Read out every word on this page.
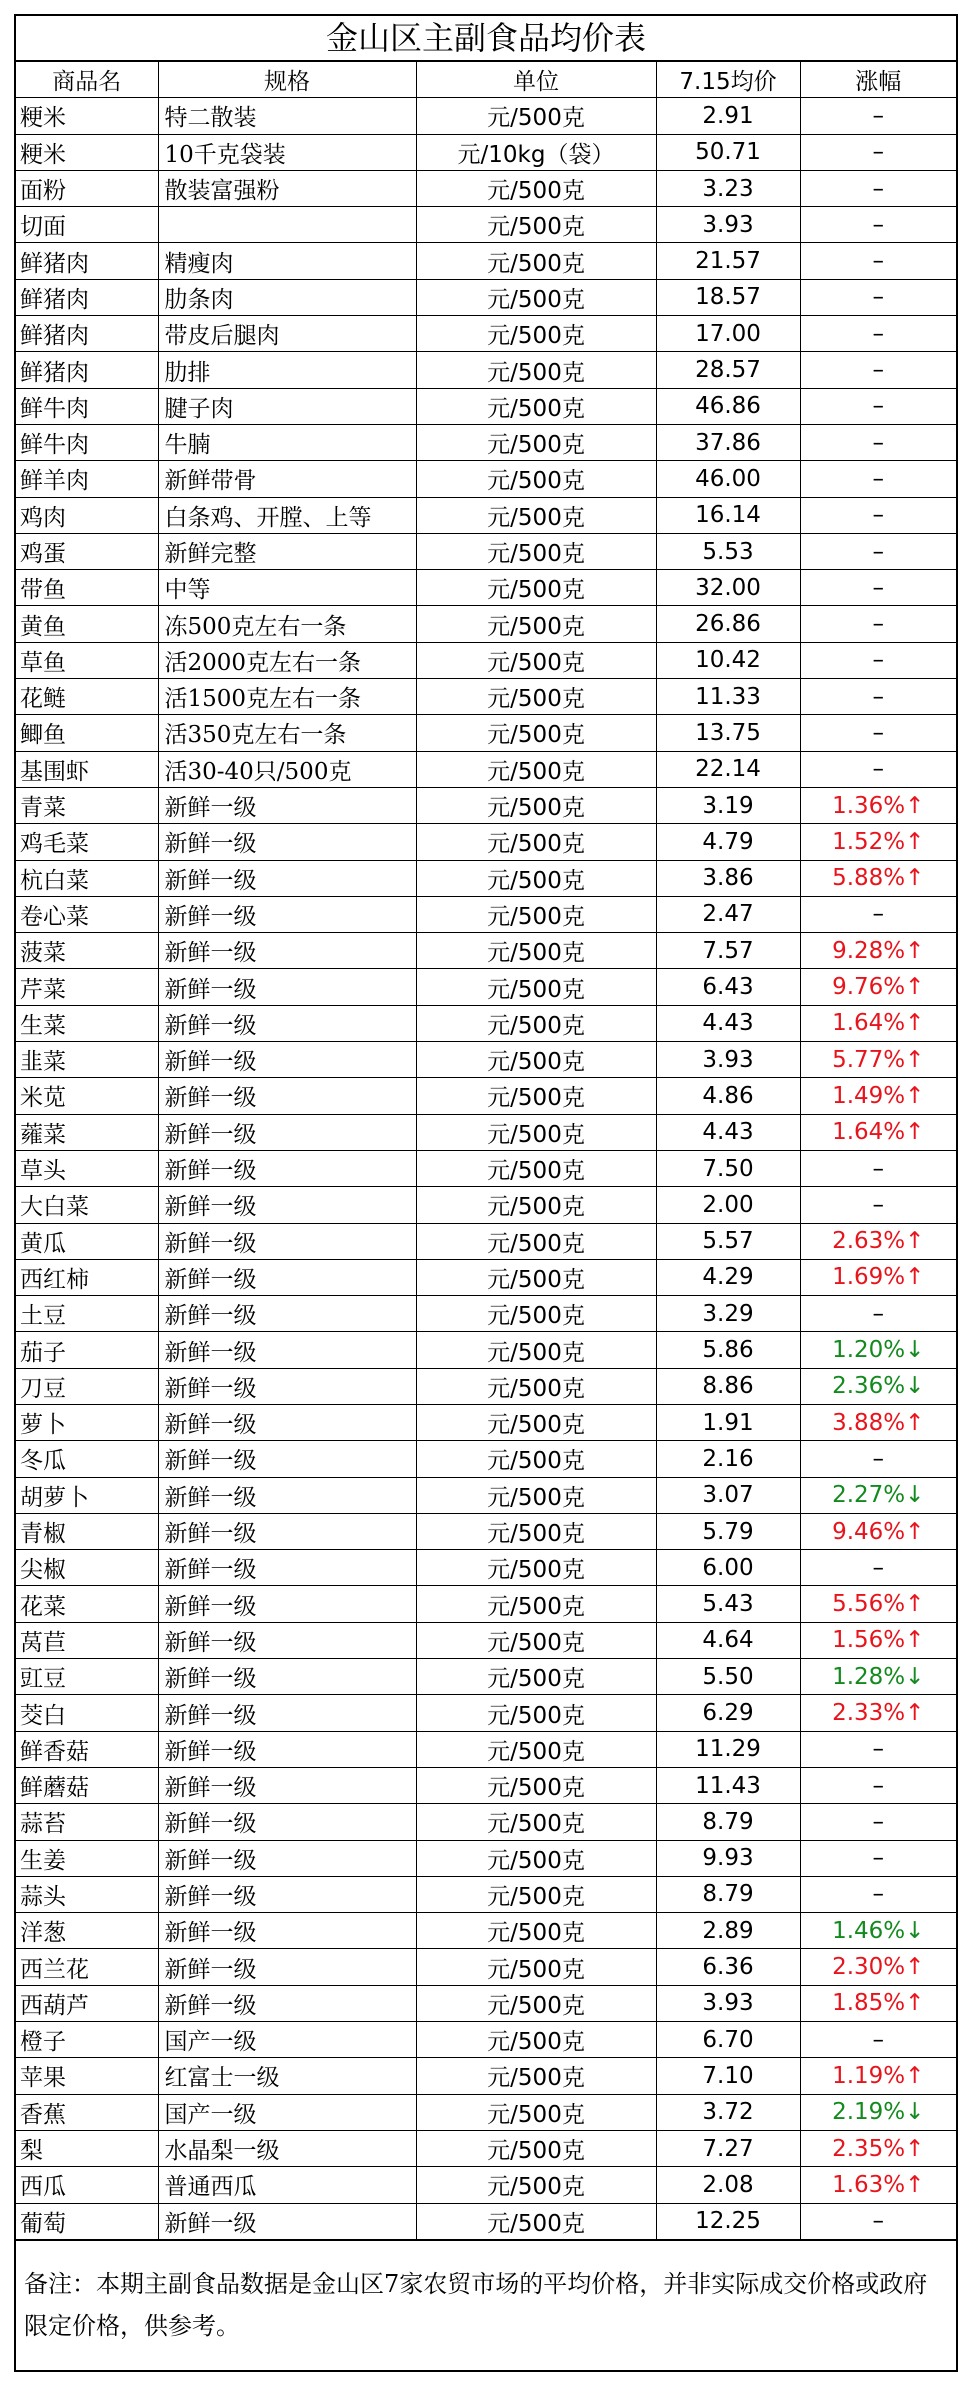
金山区主副食品均价表
商品名	规格	单位	7.15均价	涨幅
粳米	特二散装	元/500克	2.91	–
粳米	10千克袋装	元/10kg（袋）	50.71	–
面粉	散装富强粉	元/500克	3.23	–
切面		元/500克	3.93	–
鲜猪肉	精瘦肉	元/500克	21.57	–
鲜猪肉	肋条肉	元/500克	18.57	–
鲜猪肉	带皮后腿肉	元/500克	17.00	–
鲜猪肉	肋排	元/500克	28.57	–
鲜牛肉	腱子肉	元/500克	46.86	–
鲜牛肉	牛腩	元/500克	37.86	–
鲜羊肉	新鲜带骨	元/500克	46.00	–
鸡肉	白条鸡、开膛、上等	元/500克	16.14	–
鸡蛋	新鲜完整	元/500克	5.53	–
带鱼	中等	元/500克	32.00	–
黄鱼	冻500克左右一条	元/500克	26.86	–
草鱼	活2000克左右一条	元/500克	10.42	–
花鲢	活1500克左右一条	元/500克	11.33	–
鲫鱼	活350克左右一条	元/500克	13.75	–
基围虾	活30-40只/500克	元/500克	22.14	–
青菜	新鲜一级	元/500克	3.19	1.36%↑
鸡毛菜	新鲜一级	元/500克	4.79	1.52%↑
杭白菜	新鲜一级	元/500克	3.86	5.88%↑
卷心菜	新鲜一级	元/500克	2.47	–
菠菜	新鲜一级	元/500克	7.57	9.28%↑
芹菜	新鲜一级	元/500克	6.43	9.76%↑
生菜	新鲜一级	元/500克	4.43	1.64%↑
韭菜	新鲜一级	元/500克	3.93	5.77%↑
米苋	新鲜一级	元/500克	4.86	1.49%↑
蕹菜	新鲜一级	元/500克	4.43	1.64%↑
草头	新鲜一级	元/500克	7.50	–
大白菜	新鲜一级	元/500克	2.00	–
黄瓜	新鲜一级	元/500克	5.57	2.63%↑
西红柿	新鲜一级	元/500克	4.29	1.69%↑
土豆	新鲜一级	元/500克	3.29	–
茄子	新鲜一级	元/500克	5.86	1.20%↓
刀豆	新鲜一级	元/500克	8.86	2.36%↓
萝卜	新鲜一级	元/500克	1.91	3.88%↑
冬瓜	新鲜一级	元/500克	2.16	–
胡萝卜	新鲜一级	元/500克	3.07	2.27%↓
青椒	新鲜一级	元/500克	5.79	9.46%↑
尖椒	新鲜一级	元/500克	6.00	–
花菜	新鲜一级	元/500克	5.43	5.56%↑
莴苣	新鲜一级	元/500克	4.64	1.56%↑
豇豆	新鲜一级	元/500克	5.50	1.28%↓
茭白	新鲜一级	元/500克	6.29	2.33%↑
鲜香菇	新鲜一级	元/500克	11.29	–
鲜蘑菇	新鲜一级	元/500克	11.43	–
蒜苔	新鲜一级	元/500克	8.79	–
生姜	新鲜一级	元/500克	9.93	–
蒜头	新鲜一级	元/500克	8.79	–
洋葱	新鲜一级	元/500克	2.89	1.46%↓
西兰花	新鲜一级	元/500克	6.36	2.30%↑
西葫芦	新鲜一级	元/500克	3.93	1.85%↑
橙子	国产一级	元/500克	6.70	–
苹果	红富士一级	元/500克	7.10	1.19%↑
香蕉	国产一级	元/500克	3.72	2.19%↓
梨	水晶梨一级	元/500克	7.27	2.35%↑
西瓜	普通西瓜	元/500克	2.08	1.63%↑
葡萄	新鲜一级	元/500克	12.25	–
备注：本期主副食品数据是金山区7家农贸市场的平均价格，并非实际成交价格或政府限定价格，供参考。
